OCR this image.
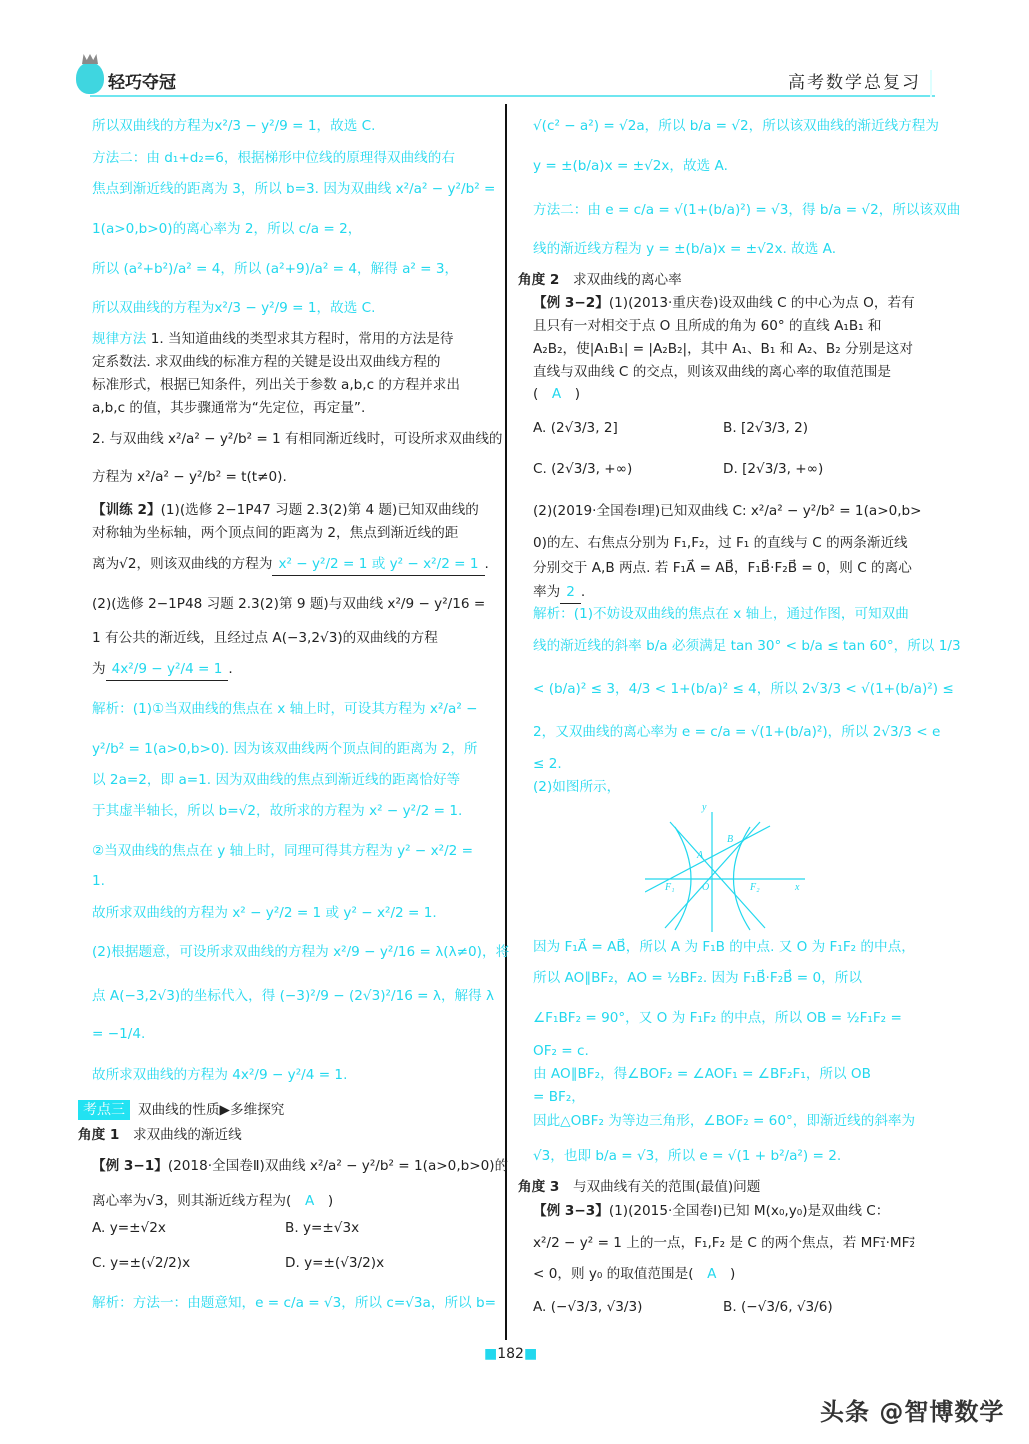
轻巧夺冠	高考数学总复习
所以双曲线的方程为x²/3 − y²/9 = 1，故选 C.
方法二：由 d₁+d₂=6，根据梯形中位线的原理得双曲线的右
焦点到渐近线的距离为 3，所以 b=3. 因为双曲线 x²/a² − y²/b² =
1(a>0,b>0)的离心率为 2，所以 c/a = 2，
所以 (a²+b²)/a² = 4，所以 (a²+9)/a² = 4，解得 a² = 3，
所以双曲线的方程为x²/3 − y²/9 = 1，故选 C.
规律方法 1. 当知道曲线的类型求其方程时，常用的方法是待
定系数法. 求双曲线的标准方程的关键是设出双曲线方程的
标准形式，根据已知条件，列出关于参数 a,b,c 的方程并求出
a,b,c 的值，其步骤通常为“先定位，再定量”.
2. 与双曲线 x²/a² − y²/b² = 1 有相同渐近线时，可设所求双曲线的
方程为 x²/a² − y²/b² = t(t≠0).
【训练 2】(1)(选修 2−1P47 习题 2.3(2)第 4 题)已知双曲线的
对称轴为坐标轴，两个顶点间的距离为 2，焦点到渐近线的距
离为√2，则该双曲线的方程为 x² − y²/2 = 1 或 y² − x²/2 = 1 .
(2)(选修 2−1P48 习题 2.3(2)第 9 题)与双曲线 x²/9 − y²/16 =
1 有公共的渐近线，且经过点 A(−3,2√3)的双曲线的方程
为 4x²/9 − y²/4 = 1 .
解析：(1)①当双曲线的焦点在 x 轴上时，可设其方程为 x²/a² −
y²/b² = 1(a>0,b>0). 因为该双曲线两个顶点间的距离为 2，所
以 2a=2，即 a=1. 因为双曲线的焦点到渐近线的距离恰好等
于其虚半轴长，所以 b=√2，故所求的方程为 x² − y²/2 = 1.
②当双曲线的焦点在 y 轴上时，同理可得其方程为 y² − x²/2 =
1.
故所求双曲线的方程为 x² − y²/2 = 1 或 y² − x²/2 = 1.
(2)根据题意，可设所求双曲线的方程为 x²/9 − y²/16 = λ(λ≠0)，将
点 A(−3,2√3)的坐标代入，得 (−3)²/9 − (2√3)²/16 = λ，解得 λ
= −1/4.
故所求双曲线的方程为 4x²/9 − y²/4 = 1.
考点三 双曲线的性质▶多维探究
角度 1　求双曲线的渐近线
【例 3−1】(2018·全国卷Ⅱ)双曲线 x²/a² − y²/b² = 1(a>0,b>0)的
离心率为√3，则其渐近线方程为(　A　)
A. y=±√2x	B. y=±√3x
C. y=±(√2/2)x	D. y=±(√3/2)x
解析：方法一：由题意知，e = c/a = √3，所以 c=√3a，所以 b=
√(c² − a²) = √2a，所以 b/a = √2，所以该双曲线的渐近线方程为
y = ±(b/a)x = ±√2x，故选 A.
方法二：由 e = c/a = √(1+(b/a)²) = √3，得 b/a = √2，所以该双曲
线的渐近线方程为 y = ±(b/a)x = ±√2x. 故选 A.
角度 2　求双曲线的离心率
【例 3−2】(1)(2013·重庆卷)设双曲线 C 的中心为点 O，若有
且只有一对相交于点 O 且所成的角为 60° 的直线 A₁B₁ 和
A₂B₂，使|A₁B₁| = |A₂B₂|，其中 A₁、B₁ 和 A₂、B₂ 分别是这对
直线与双曲线 C 的交点，则该双曲线的离心率的取值范围是
(　A　)
A. (2√3/3, 2]	B. [2√3/3, 2)
C. (2√3/3, +∞)	D. [2√3/3, +∞)
(2)(2019·全国卷Ⅰ理)已知双曲线 C: x²/a² − y²/b² = 1(a>0,b>
0)的左、右焦点分别为 F₁,F₂，过 F₁ 的直线与 C 的两条渐近线
分别交于 A,B 两点. 若 F₁A⃗ = AB⃗，F₁B⃗·F₂B⃗ = 0，则 C 的离心
率为 2 .
解析：(1)不妨设双曲线的焦点在 x 轴上，通过作图，可知双曲
线的渐近线的斜率 b/a 必须满足 tan 30° < b/a ≤ tan 60°，所以 1/3
< (b/a)² ≤ 3，4/3 < 1+(b/a)² ≤ 4，所以 2√3/3 < √(1+(b/a)²) ≤
2，又双曲线的离心率为 e = c/a = √(1+(b/a)²)，所以 2√3/3 < e
≤ 2.
(2)如图所示，
因为 F₁A⃗ = AB⃗，所以 A 为 F₁B 的中点. 又 O 为 F₁F₂ 的中点，
所以 AO∥BF₂，AO = ½BF₂. 因为 F₁B⃗·F₂B⃗ = 0，所以
∠F₁BF₂ = 90°，又 O 为 F₁F₂ 的中点，所以 OB = ½F₁F₂ =
OF₂ = c.
由 AO∥BF₂，得∠BOF₂ = ∠AOF₁ = ∠BF₂F₁，所以 OB
= BF₂，
因此△OBF₂ 为等边三角形，∠BOF₂ = 60°，即渐近线的斜率为
√3，也即 b/a = √3，所以 e = √(1 + b²/a²) = 2.
角度 3　与双曲线有关的范围(最值)问题
【例 3−3】(1)(2015·全国卷Ⅰ)已知 M(x₀,y₀)是双曲线 C：
x²/2 − y² = 1 上的一点，F₁,F₂ 是 C 的两个焦点，若 MF₁⃗·MF₂⃗
< 0，则 y₀ 的取值范围是(　A　)
A. (−√3/3, √3/3)	B. (−√3/6, √3/6)
y
x
O
A
B
F₁	F₂
■182■
头条 @智博数学
